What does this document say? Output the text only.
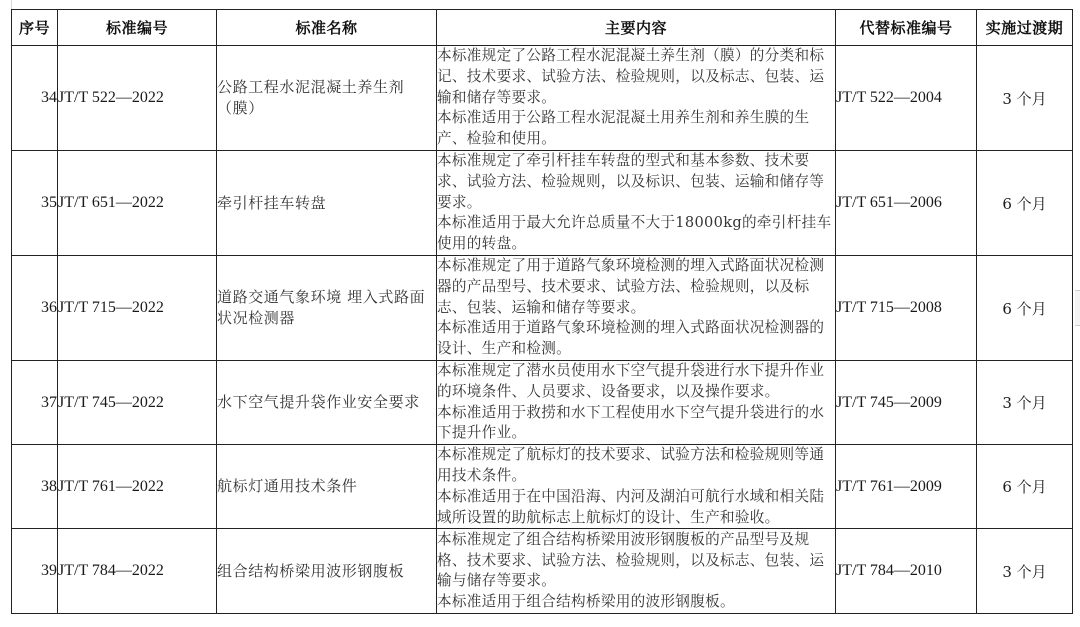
序号	标准编号	标准名称	主要内容	代替标准编号	实施过渡期
34	JT/T 522—2022	公路工程水泥混凝土养生剂（膜）	本标准规定了公路工程水泥混凝土养生剂（膜）的分类和标记、技术要求、试验方法、检验规则，以及标志、包装、运输和储存等要求。
本标准适用于公路工程水泥混凝土用养生剂和养生膜的生产、检验和使用。	JT/T 522—2004	3 个月
35	JT/T 651—2022	牵引杆挂车转盘	本标准规定了牵引杆挂车转盘的型式和基本参数、技术要求、试验方法、检验规则，以及标识、包装、运输和储存等要求。
本标准适用于最大允许总质量不大于18000kg的牵引杆挂车使用的转盘。	JT/T 651—2006	6 个月
36	JT/T 715—2022	道路交通气象环境 埋入式路面状况检测器	本标准规定了用于道路气象环境检测的埋入式路面状况检测器的产品型号、技术要求、试验方法、检验规则，以及标志、包装、运输和储存等要求。
本标准适用于道路气象环境检测的埋入式路面状况检测器的设计、生产和检测。	JT/T 715—2008	6 个月
37	JT/T 745—2022	水下空气提升袋作业安全要求	本标准规定了潜水员使用水下空气提升袋进行水下提升作业的环境条件、人员要求、设备要求，以及操作要求。
本标准适用于救捞和水下工程使用水下空气提升袋进行的水下提升作业。	JT/T 745—2009	3 个月
38	JT/T 761—2022	航标灯通用技术条件	本标准规定了航标灯的技术要求、试验方法和检验规则等通用技术条件。
本标准适用于在中国沿海、内河及湖泊可航行水域和相关陆域所设置的助航标志上航标灯的设计、生产和验收。	JT/T 761—2009	6 个月
39	JT/T 784—2022	组合结构桥梁用波形钢腹板	本标准规定了组合结构桥梁用波形钢腹板的产品型号及规格、技术要求、试验方法、检验规则，以及标志、包装、运输与储存等要求。
本标准适用于组合结构桥梁用的波形钢腹板。	JT/T 784—2010	3 个月
